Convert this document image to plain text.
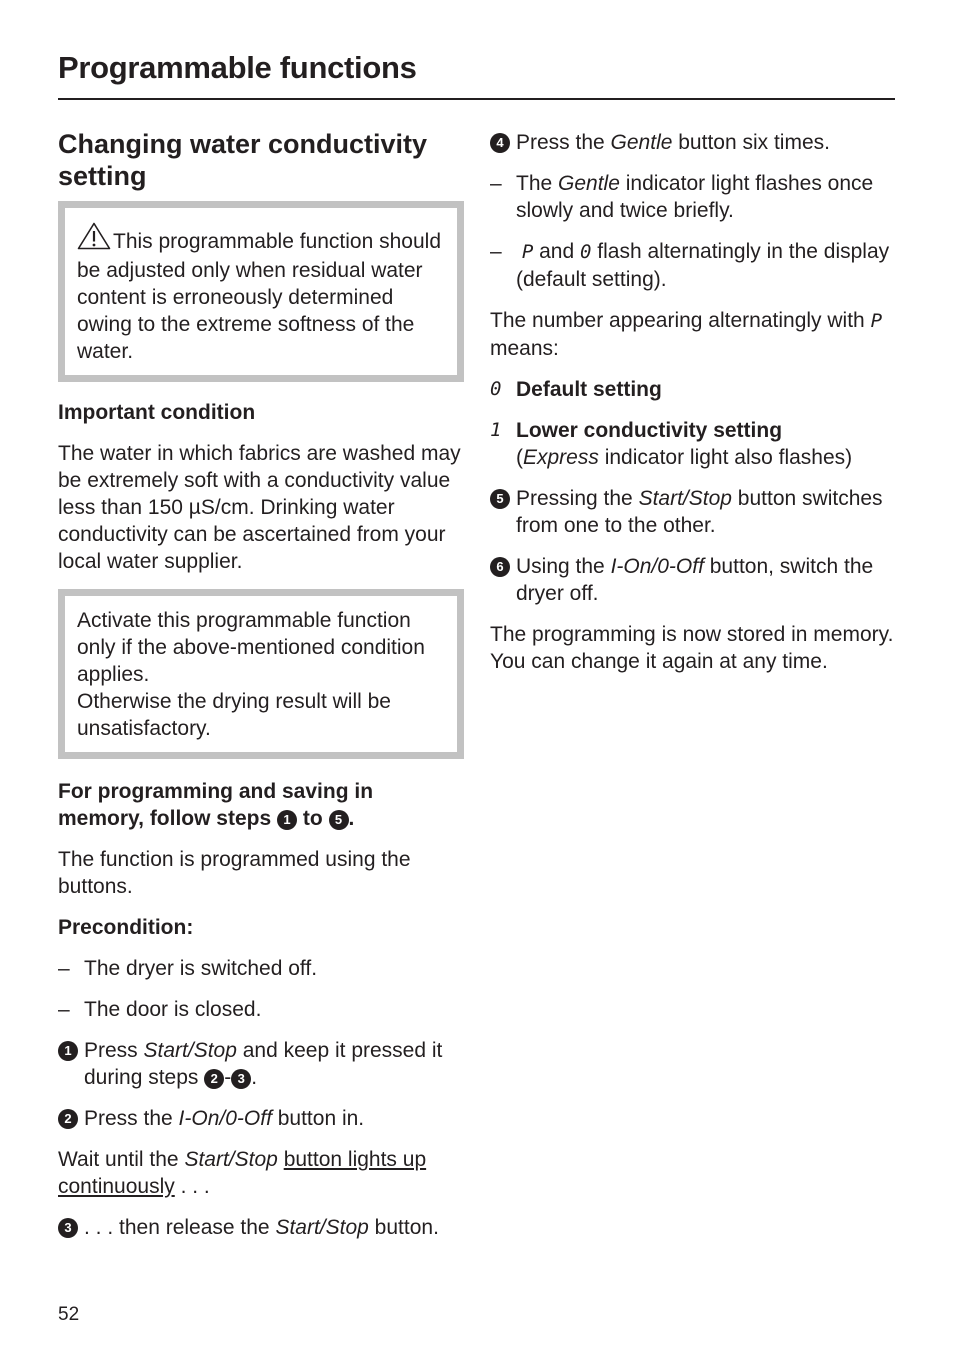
Programmable functions
Changing water conductivity setting
This programmable function should be adjusted only when residual water content is erroneously determined owing to the extreme softness of the water.

Important condition

The water in which fabrics are washed may be extremely soft with a conductivity value less than 150 µS/cm. Drinking water conductivity can be ascertained from your local water supplier.

Activate this programmable function only if the above-mentioned condition applies.
Otherwise the drying result will be unsatisfactory.

For programming and saving in memory, follow steps 1 to 5 .

The function is programmed using the buttons.

Precondition:

– The dryer is switched off.

– The door is closed.

1 Press Start/Stop and keep it pressed it during steps 2 - 3 .

2 Press the I-On/0-Off button in.

Wait until the Start/Stop button lights up continuously . . .

3 . . . then release the Start/Stop button.

4 Press the Gentle button six times.

– The Gentle indicator light flashes once slowly and twice briefly.

– P and 0 flash alternatingly in the display (default setting).

The number appearing alternatingly with P means:

0 Default setting

1 Lower conductivity setting
(Express indicator light also flashes)

5 Pressing the Start/Stop button switches from one to the other.

6 Using the I-On/0-Off button, switch the dryer off.

The programming is now stored in memory. You can change it again at any time.

52
